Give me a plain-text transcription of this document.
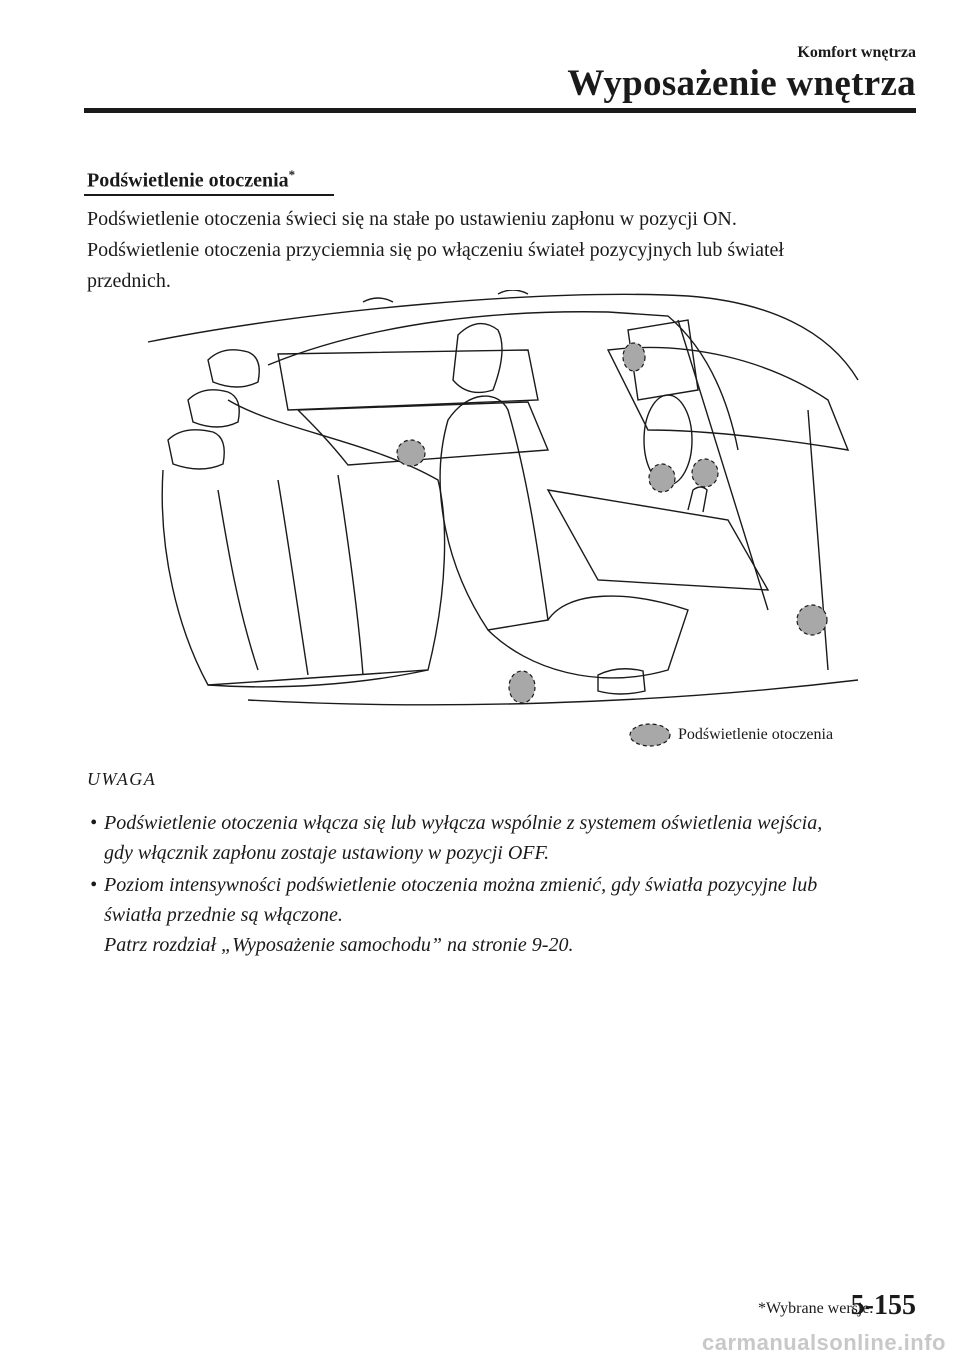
Komfort wnętrza
Wyposażenie wnętrza
Podświetlenie otoczenia*

Podświetlenie otoczenia świeci się na stałe po ustawieniu zapłonu w pozycji ON.

Podświetlenie otoczenia przyciemnia się po włączeniu świateł pozycyjnych lub świateł

przednich.

Podświetlenie otoczenia
UWAGA
• Podświetlenie otoczenia włącza się lub wyłącza wspólnie z systemem oświetlenia wejścia,
gdy włącznik zapłonu zostaje ustawiony w pozycji OFF.
• Poziom intensywności podświetlenie otoczenia można zmienić, gdy światła pozycyjne lub
światła przednie są włączone.
Patrz rozdział „Wyposażenie samochodu” na stronie 9-20.
*Wybrane wersje.
5-155
carmanualsonline.info
